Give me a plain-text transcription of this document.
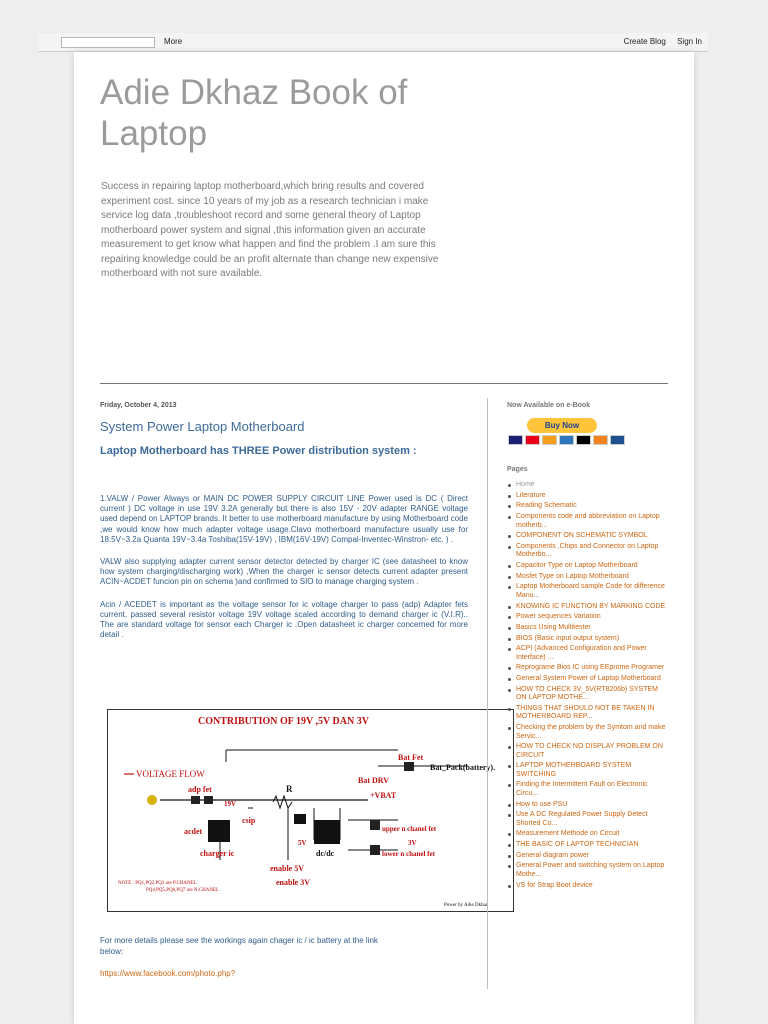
More	Create Blog Sign In
Adie Dkhaz Book of Laptop

Success in repairing laptop motherboard,which bring results and covered experiment cost. since 10 years of my job as a research technician i make service log data ,troubleshoot record and some general theory of Laptop motherboard power system and signal ,this information given an accurate measurement to get know what happen and find the problem .I am sure this repairing knowledge could be an profit alternate than change new expensive motherboard with not sure available.

Friday, October 4, 2013
System Power Laptop Motherboard
Laptop Motherboard has THREE Power distribution system :

1.VALW / Power Always or MAIN DC POWER SUPPLY CIRCUIT LINE Power used is DC ( Direct current ) DC voltage in use 19V 3.2A generally but there is also 15V - 20V adapter RANGE voltage used depend on LAPTOP brands. It better to use motherboard manufacture by using Motherboard code ,we would know how much adapter voltage usage.Clavo motherboard manufacture usually use for 18.5V~3.2a Quanta 19V~3.4a Toshiba(15V-19V) , IBM(16V-19V) Compal-Inventec-Winstron- etc. ) .

VALW also supplying adapter current sensor detector detected by charger IC (see datasheet to know how system charging/discharging work) ,When the charger ic sensor detects current adapter present ACIN~ACDET funcion pin on schema )and confirmed to SIO to manage charging system .

Acin / ACEDET is important as the voltage sensor for ic voltage charger to pass (adp) Adapter fets current, passed several resistor voltage 19V voltage scaled according to demand charger ic (V.I.R).. The are standard voltage for sensor each Charger ic .Open datasheet ic charger concerned for more detail .

CONTRIBUTION OF 19V ,5V DAN 3V
VOLTAGE FLOW
Bat Fet
Bat_Pack(battery).
Bat DRV
+VBAT
adp fet	R
19V
csip
acdet
charger ic	dc/dc
5V	3V
upper n chanel fet
lower n chanel fet
enable 5V
enable 3V
NOTE : PQ1,PQ2,PQ3 are P.CHANEL
PQ4,PQ5,PQ6,PQ7 are N.CHANEL
Power by Adie Dkhaz
For more details please see the workings again chager ic / ic battery at the link below:
https://www.facebook.com/photo.php?
Now Available on e-Book
Buy Now
Pages
Home
Literature
Reading Schematic
Components code and abbreviation on Laptop motherb...
COMPONENT ON SCHEMATIC SYMBOL
Components ,Chips and Connector on Laptop Motherbo...
Capacitor Type on Laptop Motherboard
Mosfet Type on Laptop Motherboard
Laptop Motherboard sample Code for difference Manu...
KNOWING IC FUNCTION BY MARKING CODE
Power sequences Variation
Basics Using Multitester
BIOS (Basic input output system)
ACPI (Advanced Configuration and Power Interface) ...
Reprograme Bios IC using EEprome Programer
General System Power of Laptop Motherboard
HOW TO CHECK 3V_5V(RT8206b) SYSTEM ON LAPTOP MOTHE...
THINGS THAT SHOULD NOT BE TAKEN IN MOTHERBOARD REP...
Checking the problem by the Symtom and make Servic...
HOW TO CHECK NO DISPLAY PROBLEM ON CIRCUIT
LAPTOP MOTHERBOARD SYSTEM SWITCHING
Finding the Intermittent Fault on Electronic Circu...
How to use PSU
Use A DC Regulated Power Supply Detect Shorted Co...
Measurement Methode on Circuit
THE BASIC OF LAPTOP TECHNICIAN
General diagram power
General Power and switching system on Laptop Mothe...
VS for Strap Boot device
